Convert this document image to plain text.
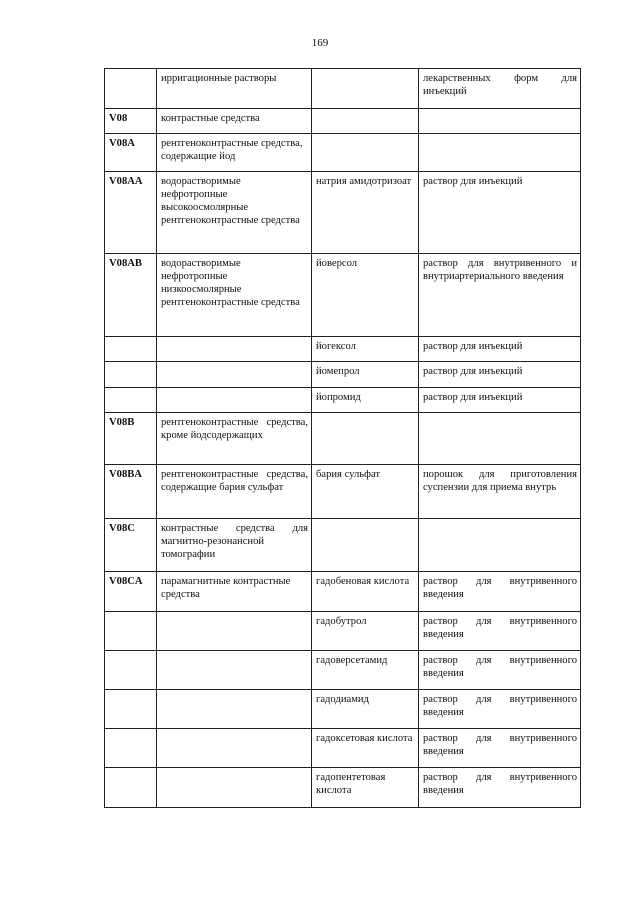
169
	ирригационные растворы		лекарственных форм для инъекций
V08	контрастные средства		
V08A	рентгеноконтрастные средства, содержащие йод		
V08AA	водорастворимые нефротропные высокоосмолярные рентгеноконтрастные средства	натрия амидотризоат	раствор для инъекций
V08AB	водорастворимые нефротропные низкоосмолярные рентгеноконтрастные средства	йоверсол	раствор для внутривенного и внутриартериального введения
		йогексол	раствор для инъекций
		йомепрол	раствор для инъекций
		йопромид	раствор для инъекций
V08B	рентгеноконтрастные средства, кроме йодсодержащих		
V08BA	рентгеноконтрастные средства, содержащие бария сульфат	бария сульфат	порошок для приготовления суспензии для приема внутрь
V08C	контрастные средства для магнитно-резонансной томографии		
V08CA	парамагнитные контрастные средства	гадобеновая кислота	раствор для внутривенного введения
		гадобутрол	раствор для внутривенного введения
		гадоверсетамид	раствор для внутривенного введения
		гадодиамид	раствор для внутривенного введения
		гадоксетовая кислота	раствор для внутривенного введения
		гадопентетовая кислота	раствор для внутривенного введения
